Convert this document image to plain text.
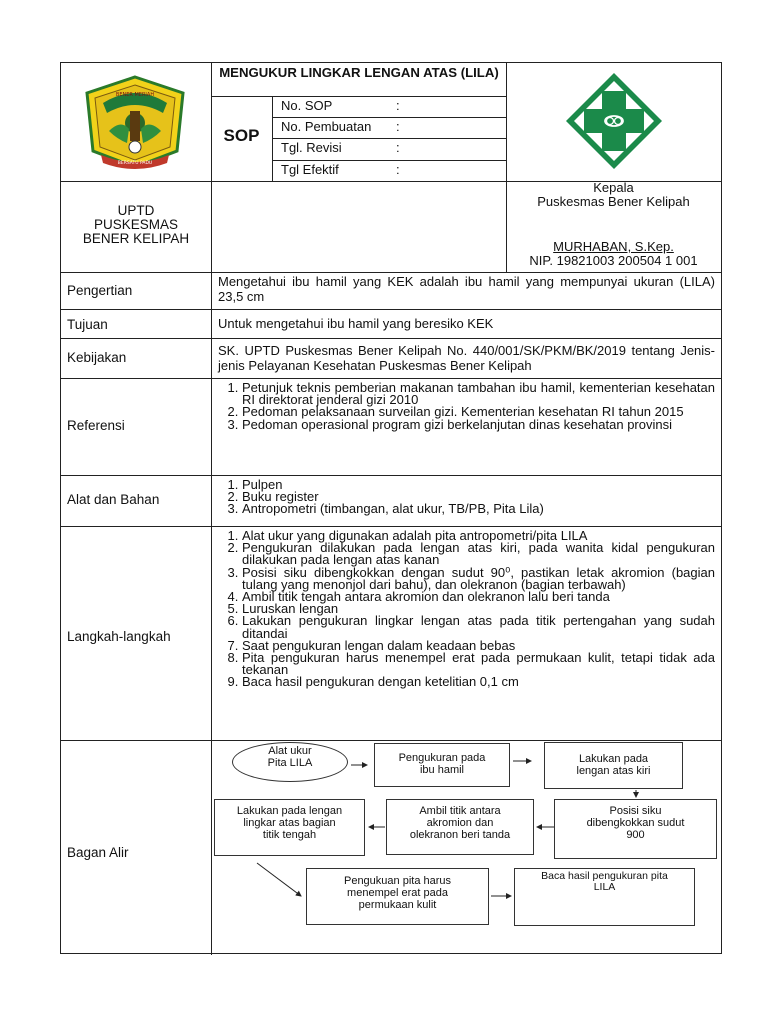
BENER MERIAH
BERSATU PADU
MENGUKUR LINGKAR LENGAN ATAS (LILA)
SOP
No. SOP	:
No. Pembuatan :
Tgl. Revisi	:
Tgl Efektif	:
UPTD
PUSKESMAS
BENER KELIPAH
Kepala
Puskesmas Bener Kelipah
MURHABAN, S.Kep.
NIP. 19821003 200504 1 001
Pengertian
Mengetahui ibu hamil yang KEK adalah ibu hamil yang mempunyai ukuran (LILA) 23,5 cm
Tujuan	Untuk mengetahui ibu hamil yang beresiko KEK
Kebijakan	SK. UPTD Puskesmas Bener Kelipah No. 440/001/SK/PKM/BK/2019 tentang Jenis-jenis Pelayanan Kesehatan Puskesmas Bener Kelipah
Referensi
1. Petunjuk teknis pemberian makanan tambahan ibu hamil, kementerian kesehatan RI direktorat jenderal gizi 2010
2. Pedoman pelaksanaan surveilan gizi. Kementerian kesehatan RI tahun 2015
3. Pedoman operasional program gizi berkelanjutan dinas kesehatan provinsi
Alat dan Bahan
1. Pulpen
2. Buku register
3. Antropometri (timbangan, alat ukur, TB/PB, Pita Lila)
Langkah-langkah
1. Alat ukur yang digunakan adalah pita antropometri/pita LILA
2. Pengukuran dilakukan pada lengan atas kiri, pada wanita kidal pengukuran dilakukan pada lengan atas kanan
3. Posisi siku dibengkokkan dengan sudut 90⁰, pastikan letak akromion (bagian tulang yang menonjol dari bahu), dan olekranon (bagian terbawah)
4. Ambil titik tengah antara akromion dan olekranon lalu beri tanda
5. Luruskan lengan
6. Lakukan pengukuran lingkar lengan atas pada titik pertengahan yang sudah ditandai
7. Saat pengukuran lengan dalam keadaan bebas
8. Pita pengukuran harus menempel erat pada permukaan kulit, tetapi tidak ada tekanan
9. Baca hasil pengukuran dengan ketelitian 0,1 cm
Bagan Alir
Alat ukur
Pita LILA	Pengukuran pada
ibu hamil
Lakukan pada
lengan atas kiri
Posisi siku
dibengkokkan sudut
900
Ambil titik antara
akromion dan
olekranon beri tanda
Lakukan pada lengan
lingkar atas bagian
titik tengah
Pengukuan pita harus
menempel erat pada
permukaan kulit
Baca hasil pengukuran pita
LILA
